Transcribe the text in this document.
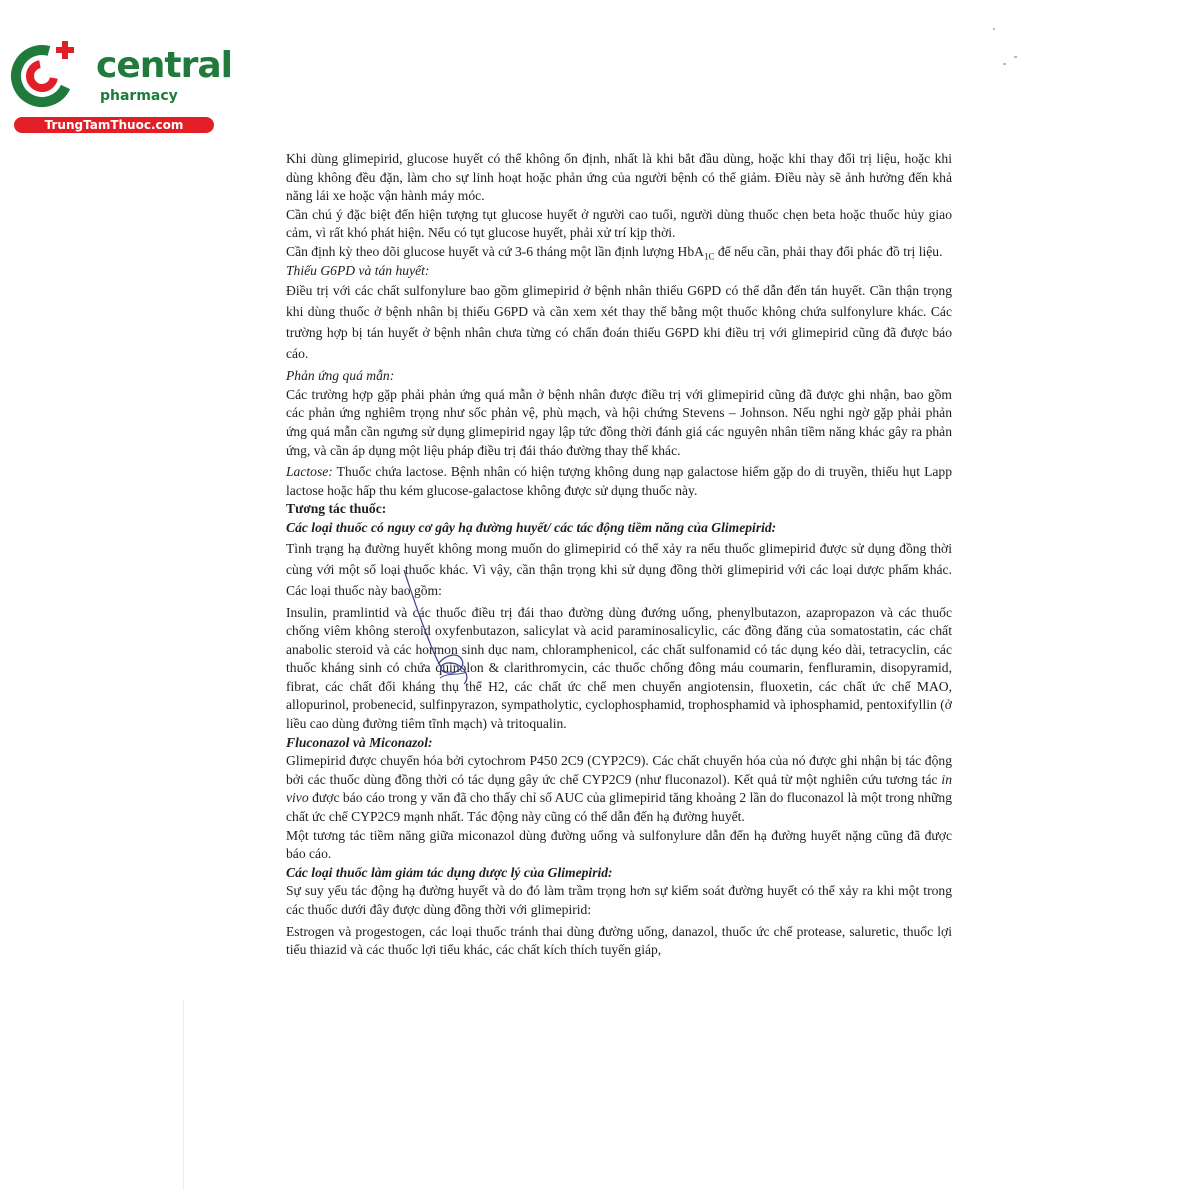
central
pharmacy
TrungTamThuoc.com

Khi dùng glimepirid, glucose huyết có thể không ổn định, nhất là khi bắt đầu dùng, hoặc khi thay đổi trị liệu, hoặc khi dùng không đều đặn, làm cho sự linh hoạt hoặc phản ứng của người bệnh có thể giảm. Điều này sẽ ảnh hưởng đến khả năng lái xe hoặc vận hành máy móc.

Cần chú ý đặc biệt đến hiện tượng tụt glucose huyết ở người cao tuổi, người dùng thuốc chẹn beta hoặc thuốc hủy giao cảm, vì rất khó phát hiện. Nếu có tụt glucose huyết, phải xử trí kịp thời.

Cần định kỳ theo dõi glucose huyết và cứ 3-6 tháng một lần định lượng HbA$_{1C}$ để nếu cần, phải thay đổi phác đồ trị liệu.

Thiếu G6PD và tán huyết:

Điều trị với các chất sulfonylure bao gồm glimepirid ở bệnh nhân thiếu G6PD có thể dẫn đến tán huyết. Cần thận trọng khi dùng thuốc ở bệnh nhân bị thiếu G6PD và cần xem xét thay thế bằng một thuốc không chứa sulfonylure khác. Các trường hợp bị tán huyết ở bệnh nhân chưa từng có chẩn đoán thiếu G6PD khi điều trị với glimepirid cũng đã được báo cáo.

Phản ứng quá mẫn:

Các trường hợp gặp phải phản ứng quá mẫn ở bệnh nhân được điều trị với glimepirid cũng đã được ghi nhận, bao gồm các phản ứng nghiêm trọng như sốc phản vệ, phù mạch, và hội chứng Stevens – Johnson. Nếu nghi ngờ gặp phải phản ứng quá mẫn cần ngưng sử dụng glimepirid ngay lập tức đồng thời đánh giá các nguyên nhân tiềm năng khác gây ra phản ứng, và cần áp dụng một liệu pháp điều trị đái tháo đường thay thế khác.

Lactose: Thuốc chứa lactose. Bệnh nhân có hiện tượng không dung nạp galactose hiếm gặp do di truyền, thiếu hụt Lapp lactose hoặc hấp thu kém glucose-galactose không được sử dụng thuốc này.

Tương tác thuốc:

Các loại thuốc có nguy cơ gây hạ đường huyết/ các tác động tiềm năng của Glimepirid:

Tình trạng hạ đường huyết không mong muốn do glimepirid có thể xảy ra nếu thuốc glimepirid được sử dụng đồng thời cùng với một số loại thuốc khác. Vì vậy, cần thận trọng khi sử dụng đồng thời glimepirid với các loại dược phẩm khác. Các loại thuốc này bao gồm:

Insulin, pramlintid và các thuốc điều trị đái thao đường dùng đướng uống, phenylbutazon, azapropazon và các thuốc chống viêm không steroid oxyfenbutazon, salicylat và acid paraminosalicylic, các đồng đăng của somatostatin, các chất anabolic steroid và các hormon sinh dục nam, chloramphenicol, các chất sulfonamid có tác dụng kéo dài, tetracyclin, các thuốc kháng sinh có chứa quinolon & clarithromycin, các thuốc chống đông máu coumarin, fenfluramin, disopyramid, fibrat, các chất đối kháng thụ thể H2, các chất ức chế men chuyển angiotensin, fluoxetin, các chất ức chế MAO, allopurinol, probenecid, sulfinpyrazon, sympatholytic, cyclophosphamid, trophosphamid và iphosphamid, pentoxifyllin (ở liều cao dùng đường tiêm tĩnh mạch) và tritoqualin.

Fluconazol và Miconazol:

Glimepirid được chuyển hóa bởi cytochrom P450 2C9 (CYP2C9). Các chất chuyển hóa của nó được ghi nhận bị tác động bởi các thuốc dùng đồng thời có tác dụng gây ức chế CYP2C9 (như fluconazol). Kết quả từ một nghiên cứu tương tác in vivo được báo cáo trong y văn đã cho thấy chỉ số AUC của glimepirid tăng khoảng 2 lần do fluconazol là một trong những chất ức chế CYP2C9 mạnh nhất. Tác động này cũng có thể dẫn đến hạ đường huyết.

Một tương tác tiềm năng giữa miconazol dùng đường uống và sulfonylure dẫn đến hạ đường huyết nặng cũng đã được báo cáo.

Các loại thuốc làm giảm tác dụng dược lý của Glimepirid:

Sự suy yếu tác động hạ đường huyết và do đó làm trầm trọng hơn sự kiểm soát đường huyết có thể xảy ra khi một trong các thuốc dưới đây được dùng đồng thời với glimepirid:

Estrogen và progestogen, các loại thuốc tránh thai dùng đường uống, danazol, thuốc ức chế protease, saluretic, thuốc lợi tiểu thiazid và các thuốc lợi tiểu khác, các chất kích thích tuyến giáp,
